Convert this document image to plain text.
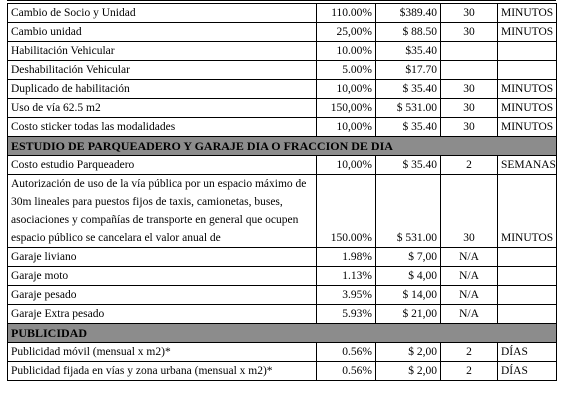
Cambio de Socio y Unidad	110.00%	$389.40	30	MINUTOS
Cambio unidad	25,00%	$ 88.50	30	MINUTOS
Habilitación Vehicular	10.00%	$35.40		
Deshabilitación Vehicular	5.00%	$17.70		
Duplicado de habilitación	10,00%	$ 35.40	30	MINUTOS
Uso de vía 62.5 m2	150,00%	$ 531.00	30	MINUTOS
Costo sticker todas las modalidades	10,00%	$ 35.40	30	MINUTOS
ESTUDIO DE PARQUEADERO Y GARAJE DIA O FRACCION DE DIA				
Costo estudio Parqueadero	10,00%	$ 35.40	2	SEMANAS

Autorización de uso de la vía pública por un espacio máximo de
30m lineales para puestos fijos de taxis, camionetas, buses,
asociaciones y compañías de transporte en general que ocupen
espacio público se cancelara el valor anual de	150.00%	$ 531.00	30	MINUTOS
Garaje liviano	1.98%	$ 7,00	N/A	
Garaje moto	1.13%	$ 4,00	N/A	
Garaje pesado	3.95%	$ 14,00	N/A	
Garaje Extra pesado	5.93%	$ 21,00	N/A	
PUBLICIDAD				
Publicidad móvil (mensual x m2)*	0.56%	$ 2,00	2	DÍAS
Publicidad fijada en vías y zona urbana (mensual x m2)*	0.56%	$ 2,00	2	DÍAS
